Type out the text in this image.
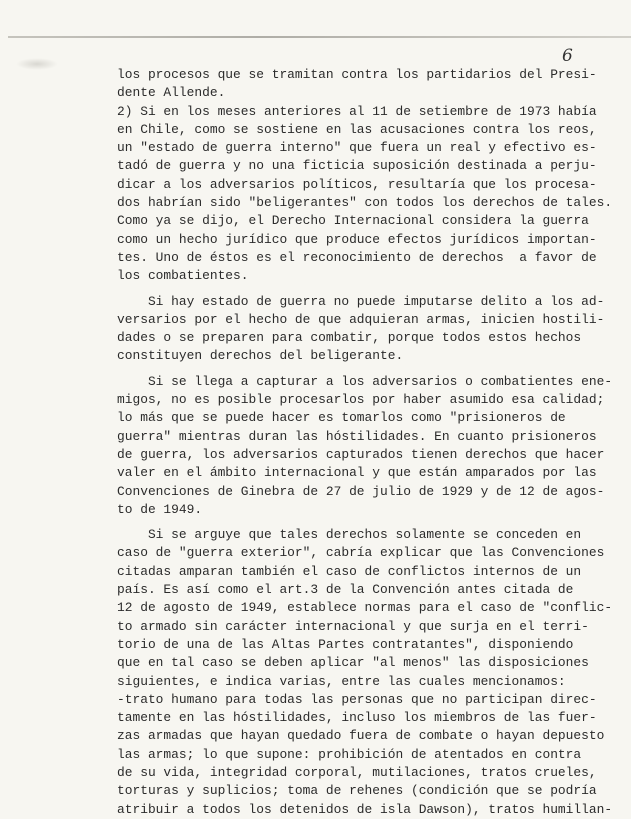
6
los procesos que se tramitan contra los partidarios del Presi-
dente Allende.
2) Si en los meses anteriores al 11 de setiembre de 1973 había
en Chile, como se sostiene en las acusaciones contra los reos,
un "estado de guerra interno" que fuera un real y efectivo es-
tadó de guerra y no una ficticia suposición destinada a perju-
dicar a los adversarios políticos, resultaría que los procesa-
dos habrían sido "beligerantes" con todos los derechos de tales.
Como ya se dijo, el Derecho Internacional considera la guerra
como un hecho jurídico que produce efectos jurídicos importan-
tes. Uno de éstos es el reconocimiento de derechos  a favor de
los combatientes.
Si hay estado de guerra no puede imputarse delito a los ad-
versarios por el hecho de que adquieran armas, inicien hostili-
dades o se preparen para combatir, porque todos estos hechos
constituyen derechos del beligerante.
Si se llega a capturar a los adversarios o combatientes ene-
migos, no es posible procesarlos por haber asumido esa calidad;
lo más que se puede hacer es tomarlos como "prisioneros de
guerra" mientras duran las hóstilidades. En cuanto prisioneros
de guerra, los adversarios capturados tienen derechos que hacer
valer en el ámbito internacional y que están amparados por las
Convenciones de Ginebra de 27 de julio de 1929 y de 12 de agos-
to de 1949.
Si se arguye que tales derechos solamente se conceden en
caso de "guerra exterior", cabría explicar que las Convenciones
citadas amparan también el caso de conflictos internos de un
país. Es así como el art.3 de la Convención antes citada de
12 de agosto de 1949, establece normas para el caso de "conflic-
to armado sin carácter internacional y que surja en el terri-
torio de una de las Altas Partes contratantes", disponiendo
que en tal caso se deben aplicar "al menos" las disposiciones
siguientes, e indica varias, entre las cuales mencionamos:
-trato humano para todas las personas que no participan direc-
tamente en las hóstilidades, incluso los miembros de las fuer-
zas armadas que hayan quedado fuera de combate o hayan depuesto
las armas; lo que supone: prohibición de atentados en contra
de su vida, integridad corporal, mutilaciones, tratos crueles,
torturas y suplicios; toma de rehenes (condición que se podría
atribuir a todos los detenidos de isla Dawson), tratos humillan-
